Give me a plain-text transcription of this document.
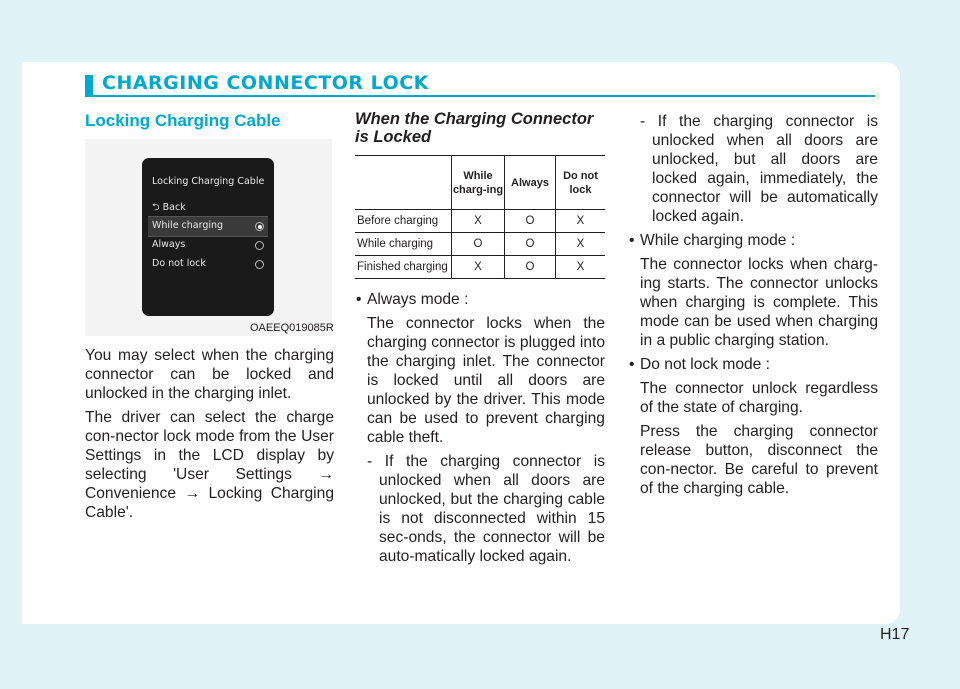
CHARGING CONNECTOR LOCK
Locking Charging Cable
Locking Charging Cable
⮌ Back
While charging
Always
Do not lock
OAEEQ019085R

You may select when the charging connector can be locked and unlocked in the charging inlet.

The driver can select the charge con-nector lock mode from the User Settings in the LCD display by selecting 'User Settings → Convenience → Locking Charging Cable'.

When the Charging Connector is Locked
	While charg-ing	Always	Do not lock
Before charging	X	O	X
While charging	O	O	X
Finished charging	X	O	X

• Always mode :

The connector locks when the charging connector is plugged into the charging inlet. The connector is locked until all doors are unlocked by the driver. This mode can be used to prevent charging cable theft.

- If the charging connector is unlocked when all doors are unlocked, but the charging cable is not disconnected within 15 sec-onds, the connector will be auto-matically locked again.

- If the charging connector is unlocked when all doors are unlocked, but all doors are locked again, immediately, the connector will be automatically locked again.

• While charging mode :

The connector locks when charg-ing starts. The connector unlocks when charging is complete. This mode can be used when charging in a public charging station.

• Do not lock mode :

The connector unlock regardless of the state of charging.

Press the charging connector release button, disconnect the con-nector. Be careful to prevent of the charging cable.

H17
